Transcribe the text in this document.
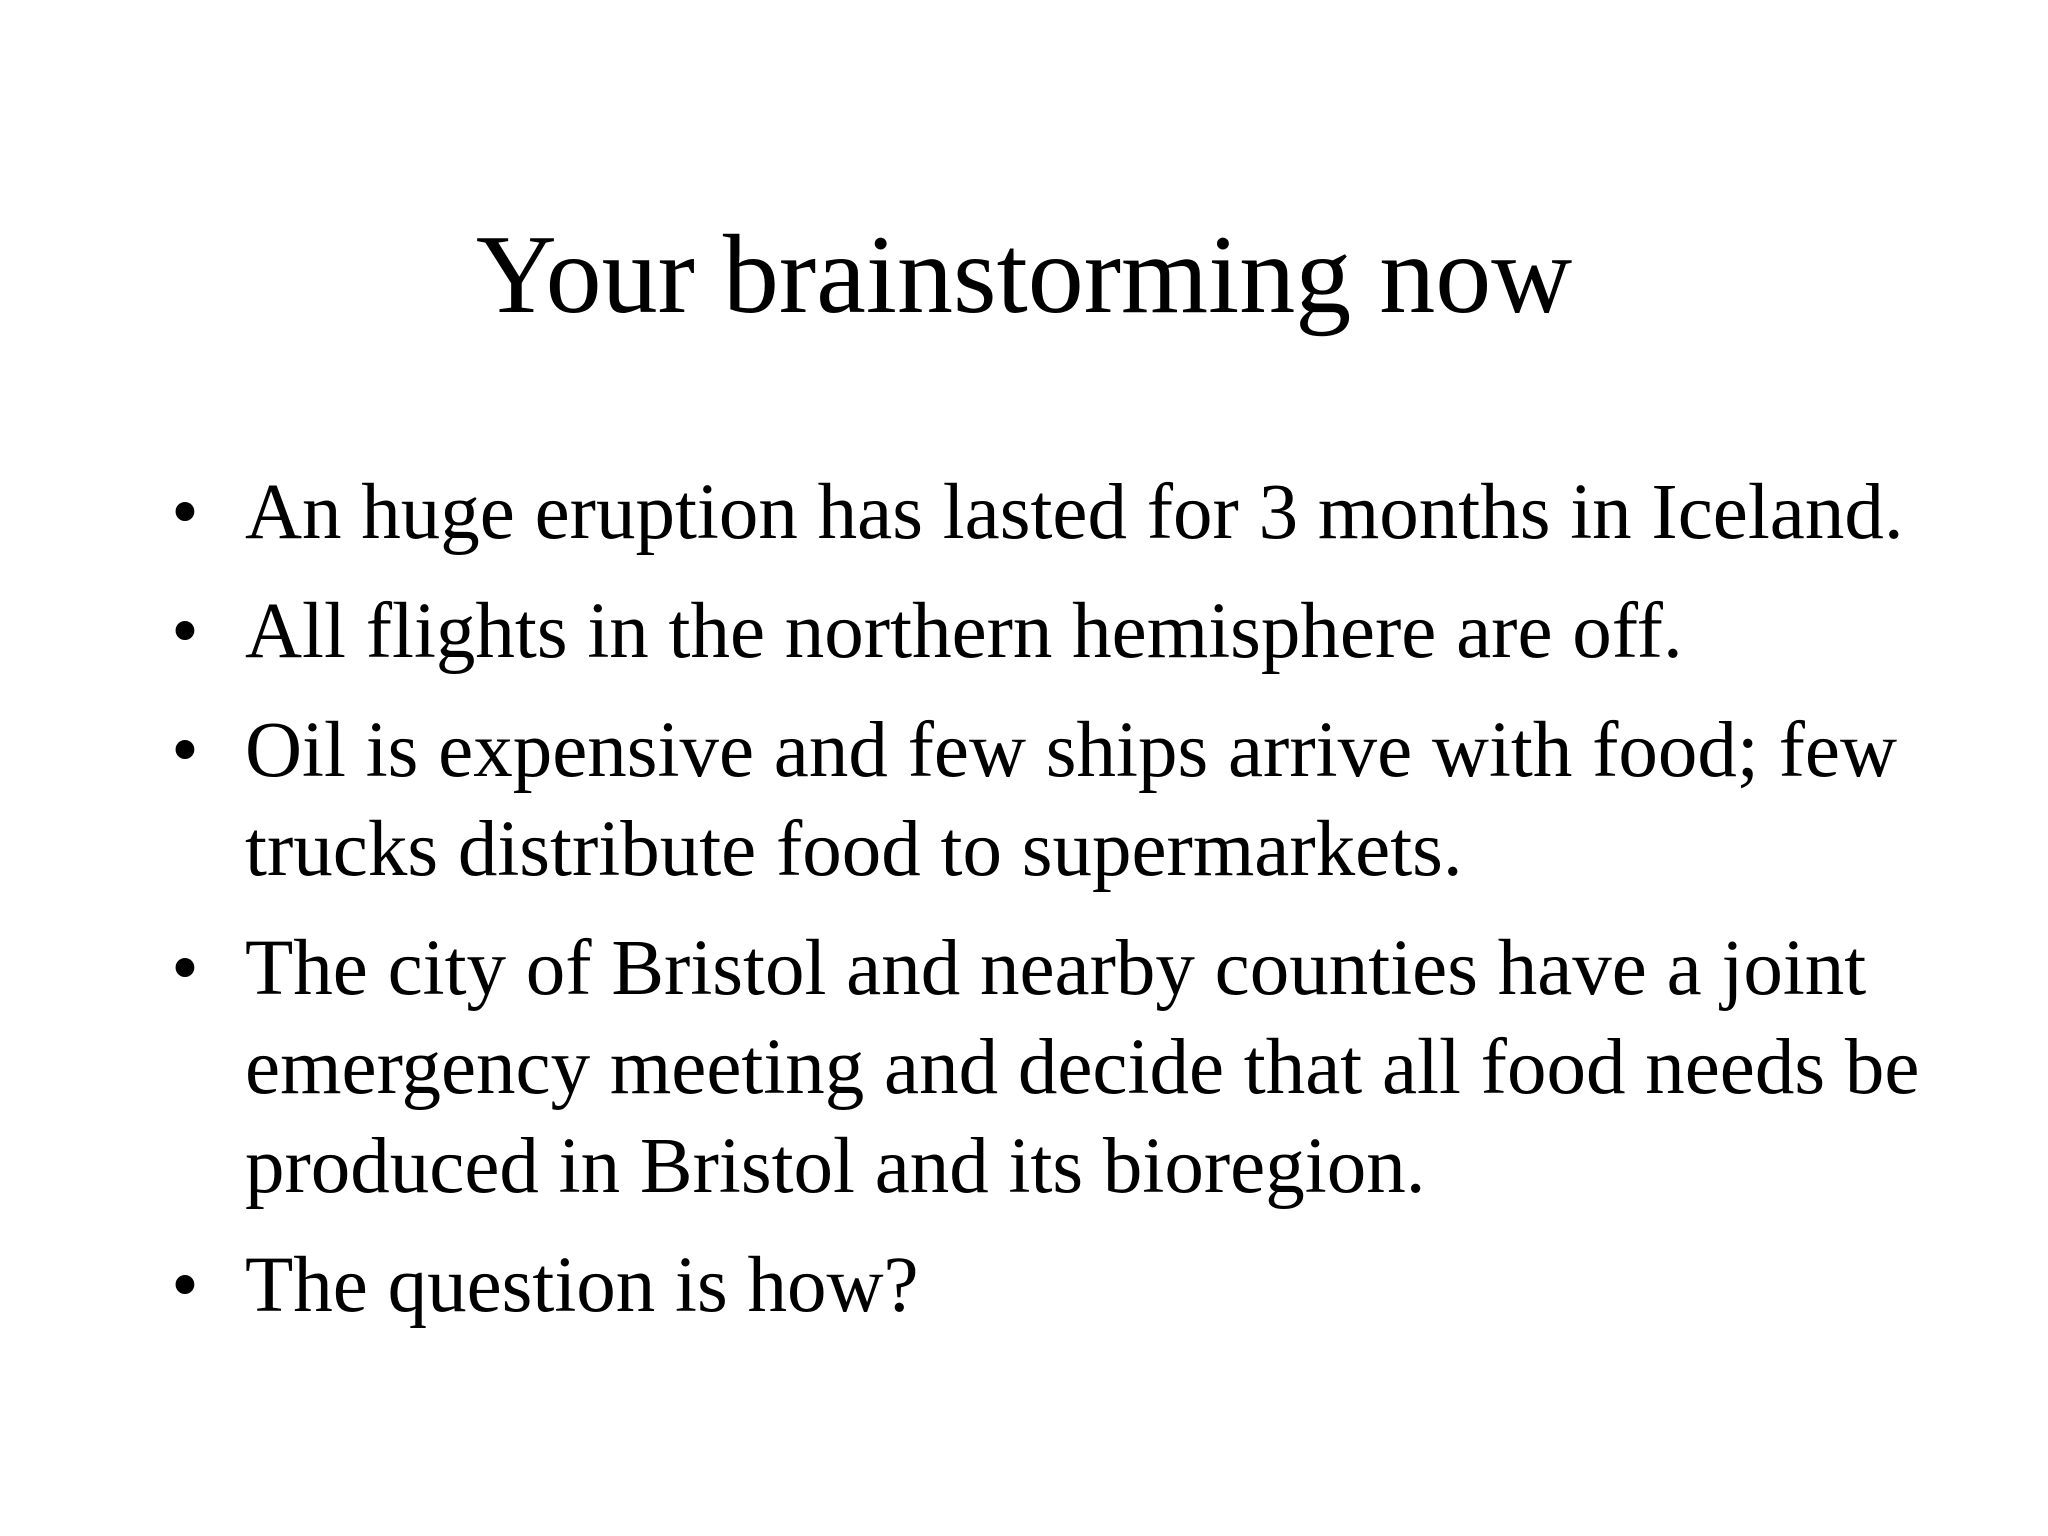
Your brainstorming now
• An huge eruption has lasted for 3 months in Iceland.
• All flights in the northern hemisphere are off.
• Oil is expensive and few ships arrive with food; few trucks distribute food to supermarkets.
• The city of Bristol and nearby counties have a joint emergency meeting and decide that all food needs be produced in Bristol and its bioregion.
• The question is how?
